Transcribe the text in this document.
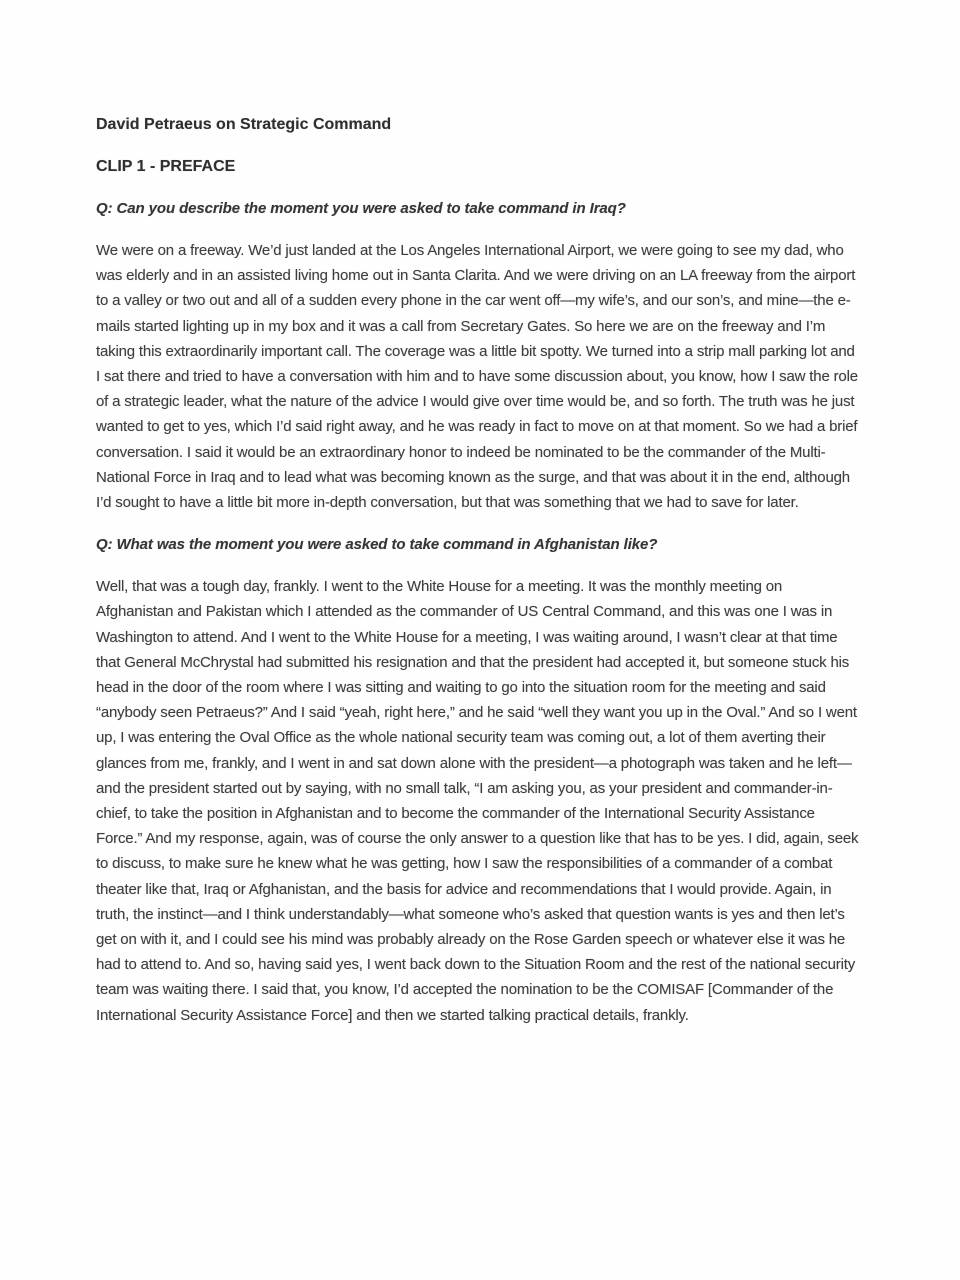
David Petraeus on Strategic Command
CLIP 1 - PREFACE

Q: Can you describe the moment you were asked to take command in Iraq?

We were on a freeway. We’d just landed at the Los Angeles International Airport, we were going to see my dad, who was elderly and in an assisted living home out in Santa Clarita. And we were driving on an LA freeway from the airport to a valley or two out and all of a sudden every phone in the car went off—my wife’s, and our son’s, and mine—the e-mails started lighting up in my box and it was a call from Secretary Gates. So here we are on the freeway and I’m taking this extraordinarily important call. The coverage was a little bit spotty. We turned into a strip mall parking lot and I sat there and tried to have a conversation with him and to have some discussion about, you know, how I saw the role of a strategic leader, what the nature of the advice I would give over time would be, and so forth. The truth was he just wanted to get to yes, which I’d said right away, and he was ready in fact to move on at that moment. So we had a brief conversation. I said it would be an extraordinary honor to indeed be nominated to be the commander of the Multi-National Force in Iraq and to lead what was becoming known as the surge, and that was about it in the end, although I’d sought to have a little bit more in-depth conversation, but that was something that we had to save for later.

Q: What was the moment you were asked to take command in Afghanistan like?

Well, that was a tough day, frankly. I went to the White House for a meeting. It was the monthly meeting on Afghanistan and Pakistan which I attended as the commander of US Central Command, and this was one I was in Washington to attend. And I went to the White House for a meeting, I was waiting around, I wasn’t clear at that time that General McChrystal had submitted his resignation and that the president had accepted it, but someone stuck his head in the door of the room where I was sitting and waiting to go into the situation room for the meeting and said “anybody seen Petraeus?” And I said “yeah, right here,” and he said “well they want you up in the Oval.” And so I went up, I was entering the Oval Office as the whole national security team was coming out, a lot of them averting their glances from me, frankly, and I went in and sat down alone with the president—a photograph was taken and he left—and the president started out by saying, with no small talk, “I am asking you, as your president and commander-in-chief, to take the position in Afghanistan and to become the commander of the International Security Assistance Force.” And my response, again, was of course the only answer to a question like that has to be yes. I did, again, seek to discuss, to make sure he knew what he was getting, how I saw the responsibilities of a commander of a combat theater like that, Iraq or Afghanistan, and the basis for advice and recommendations that I would provide. Again, in truth, the instinct—and I think understandably—what someone who’s asked that question wants is yes and then let’s get on with it, and I could see his mind was probably already on the Rose Garden speech or whatever else it was he had to attend to. And so, having said yes, I went back down to the Situation Room and the rest of the national security team was waiting there. I said that, you know, I’d accepted the nomination to be the COMISAF [Commander of the International Security Assistance Force] and then we started talking practical details, frankly.
